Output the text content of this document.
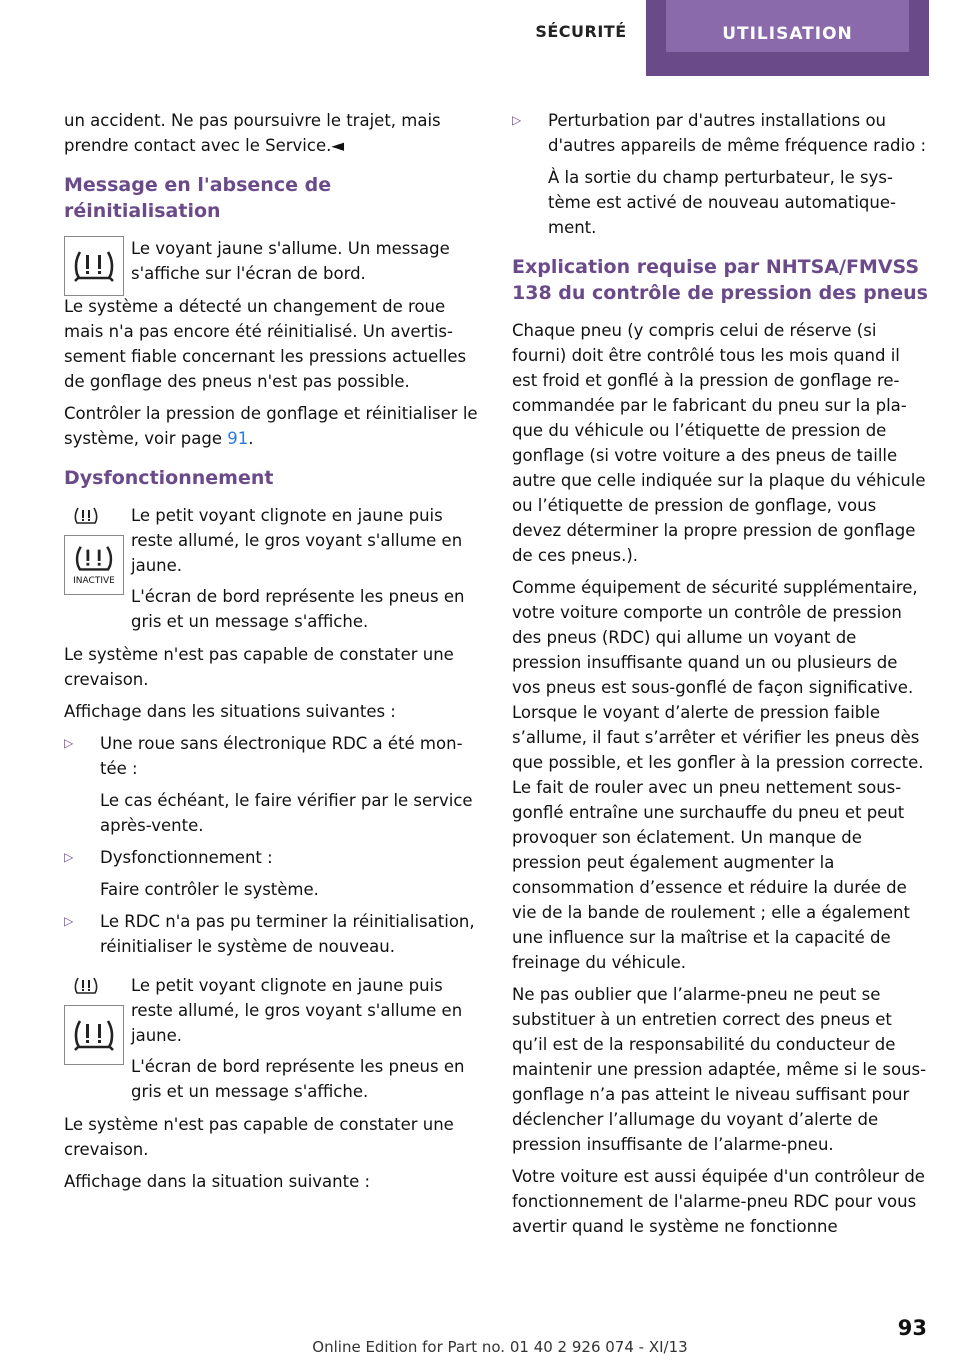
SÉCURITÉ	UTILISATION

un accident. Ne pas poursuivre le trajet, mais prendre contact avec le Service.◄

Message en l'absence de réinitialisation
Le voyant jaune s'allume. Un message s'affiche sur l'écran de bord.

Le système a détecté un changement de roue mais n'a pas encore été réinitialisé. Un avertissement fiable concernant les pressions actuelles de gonflage des pneus n'est pas possible.

Contrôler la pression de gonflage et réinitialiser le système, voir page 91.

Dysfonctionnement
INACTIVE
Le petit voyant clignote en jaune puis reste allumé, le gros voyant s'allume en jaune.
L'écran de bord représente les pneus en gris et un message s'affiche.

Le système n'est pas capable de constater une crevaison.

Affichage dans les situations suivantes :

▷ Une roue sans électronique RDC a été montée :
Le cas échéant, le faire vérifier par le service après-vente.
▷ Dysfonctionnement :
Faire contrôler le système.
▷ Le RDC n'a pas pu terminer la réinitialisation, réinitialiser le système de nouveau.
Le petit voyant clignote en jaune puis reste allumé, le gros voyant s'allume en jaune.
L'écran de bord représente les pneus en gris et un message s'affiche.

Le système n'est pas capable de constater une crevaison.

Affichage dans la situation suivante :

▷ Perturbation par d'autres installations ou d'autres appareils de même fréquence radio :
À la sortie du champ perturbateur, le système est activé de nouveau automatiquement.
Explication requise par NHTSA/FMVSS 138 du contrôle de pression des pneus

Chaque pneu (y compris celui de réserve (si fourni) doit être contrôlé tous les mois quand il est froid et gonflé à la pression de gonflage recommandée par le fabricant du pneu sur la plaque du véhicule ou l’étiquette de pression de gonflage (si votre voiture a des pneus de taille autre que celle indiquée sur la plaque du véhicule ou l’étiquette de pression de gonflage, vous devez déterminer la propre pression de gonflage de ces pneus.).

Comme équipement de sécurité supplémentaire, votre voiture comporte un contrôle de pression des pneus (RDC) qui allume un voyant de pression insuffisante quand un ou plusieurs de vos pneus est sous-gonflé de façon significative. Lorsque le voyant d’alerte de pression faible s’allume, il faut s’arrêter et vérifier les pneus dès que possible, et les gonfler à la pression correcte. Le fait de rouler avec un pneu nettement sous-gonflé entraîne une surchauffe du pneu et peut provoquer son éclatement. Un manque de pression peut également augmenter la consommation d’essence et réduire la durée de vie de la bande de roulement ; elle a également une influence sur la maîtrise et la capacité de freinage du véhicule.

Ne pas oublier que l’alarme-pneu ne peut se substituer à un entretien correct des pneus et qu’il est de la responsabilité du conducteur de maintenir une pression adaptée, même si le sous-gonflage n’a pas atteint le niveau suffisant pour déclencher l’allumage du voyant d’alerte de pression insuffisante de l’alarme-pneu.

Votre voiture est aussi équipée d'un contrôleur de fonctionnement de l'alarme-pneu RDC pour vous avertir quand le système ne fonctionne

93
Online Edition for Part no. 01 40 2 926 074 - XI/13
